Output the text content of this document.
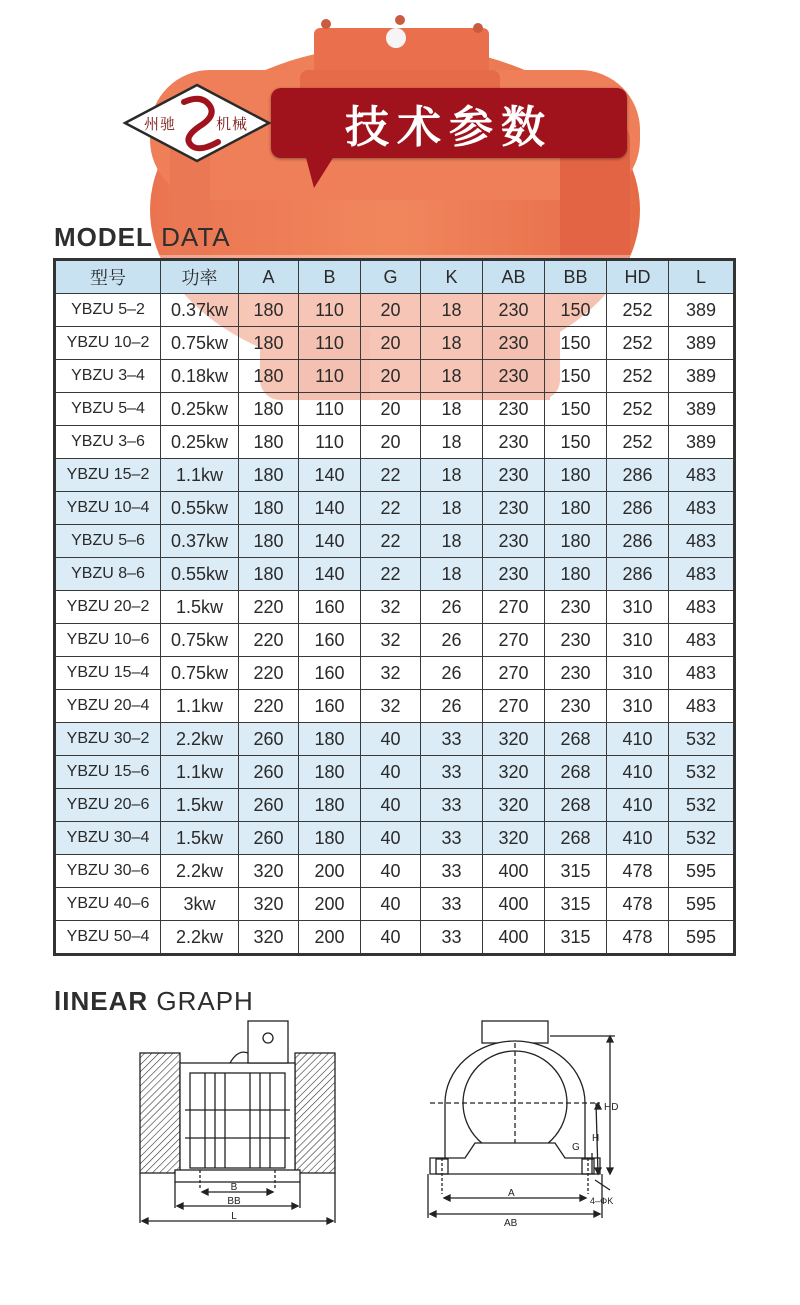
州驰	机械 技术参数
MODEL DATA
型号	功率	A	B	G	K	AB	BB	HD	L
YBZU 5–2	0.37kw	180	110	20	18	230	150	252	389
YBZU 10–2	0.75kw	180	110	20	18	230	150	252	389
YBZU 3–4	0.18kw	180	110	20	18	230	150	252	389
YBZU 5–4	0.25kw	180	110	20	18	230	150	252	389
YBZU 3–6	0.25kw	180	110	20	18	230	150	252	389
YBZU 15–2	1.1kw	180	140	22	18	230	180	286	483
YBZU 10–4	0.55kw	180	140	22	18	230	180	286	483
YBZU 5–6	0.37kw	180	140	22	18	230	180	286	483
YBZU 8–6	0.55kw	180	140	22	18	230	180	286	483
YBZU 20–2	1.5kw	220	160	32	26	270	230	310	483
YBZU 10–6	0.75kw	220	160	32	26	270	230	310	483
YBZU 15–4	0.75kw	220	160	32	26	270	230	310	483
YBZU 20–4	1.1kw	220	160	32	26	270	230	310	483
YBZU 30–2	2.2kw	260	180	40	33	320	268	410	532
YBZU 15–6	1.1kw	260	180	40	33	320	268	410	532
YBZU 20–6	1.5kw	260	180	40	33	320	268	410	532
YBZU 30–4	1.5kw	260	180	40	33	320	268	410	532
YBZU 30–6	2.2kw	320	200	40	33	400	315	478	595
YBZU 40–6	3kw	320	200	40	33	400	315	478	595
YBZU 50–4	2.2kw	320	200	40	33	400	315	478	595
lINEAR GRAPH
B
BB
L
HD
H
G
A
AB
4–ΦK
